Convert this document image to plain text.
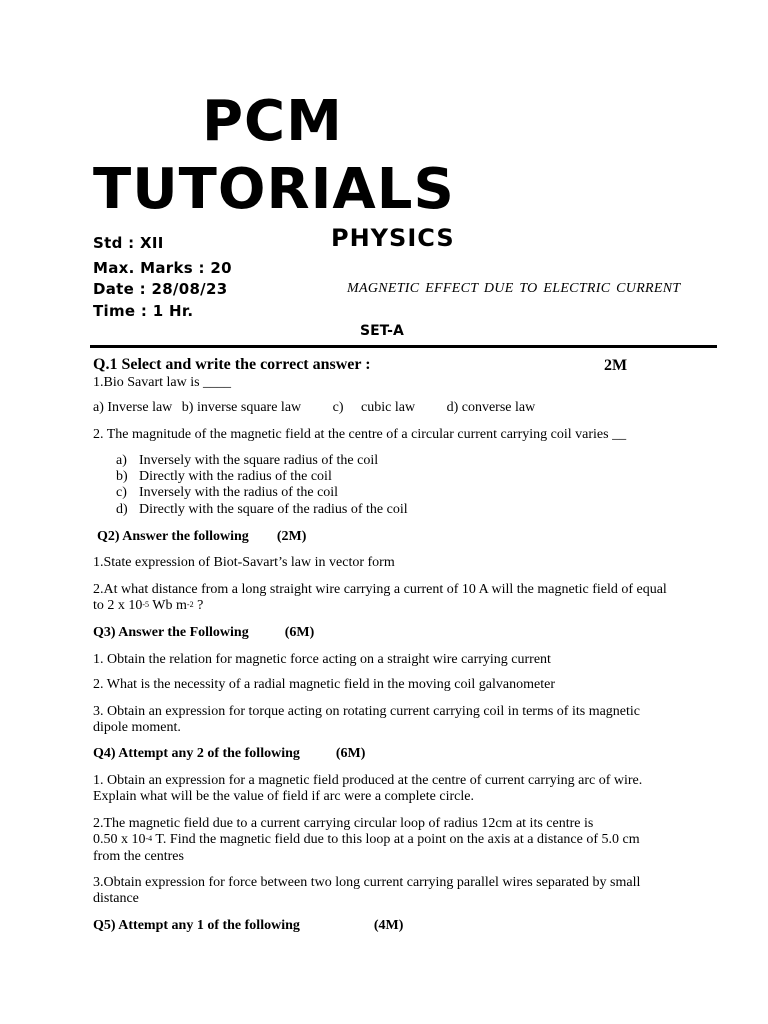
PCM
TUTORIALS
Std : XII	PHYSICS
Max. Marks : 20
Date : 28/08/23	MAGNETIC EFFECT DUE TO ELECTRIC CURRENT
Time : 1 Hr.
SET-A
Q.1 Select and write the correct answer :	2M
1.Bio Savart law is ____
a) Inverse law b) inverse square law c) cubic law d) converse law
2. The magnitude of the magnetic field at the centre of a circular current carrying coil varies __
a) Inversely with the square radius of the coil
b) Directly with the radius of the coil
c) Inversely with the radius of the coil
d) Directly with the square of the radius of the coil
Q2) Answer the following (2M)
1.State expression of Biot-Savart’s law in vector form
2.At what distance from a long straight wire carrying a current of 10 A will the magnetic field of equal
to 2 x $10^{-5}$ Wb $m^{-2}$ ?
Q3) Answer the Following	(6M)
1. Obtain the relation for magnetic force acting on a straight wire carrying current
2. What is the necessity of a radial magnetic field in the moving coil galvanometer
3. Obtain an expression for torque acting on rotating current carrying coil in terms of its magnetic
dipole moment.
Q4) Attempt any 2 of the following	(6M)
1. Obtain an expression for a magnetic field produced at the centre of current carrying arc of wire.
Explain what will be the value of field if arc were a complete circle.
2.The magnetic field due to a current carrying circular loop of radius 12cm at its centre is
0.50 x $10^{-4}$ T. Find the magnetic field due to this loop at a point on the axis at a distance of 5.0 cm
from the centres
3.Obtain expression for force between two long current carrying parallel wires separated by small
distance
Q5) Attempt any 1 of the following	(4M)
